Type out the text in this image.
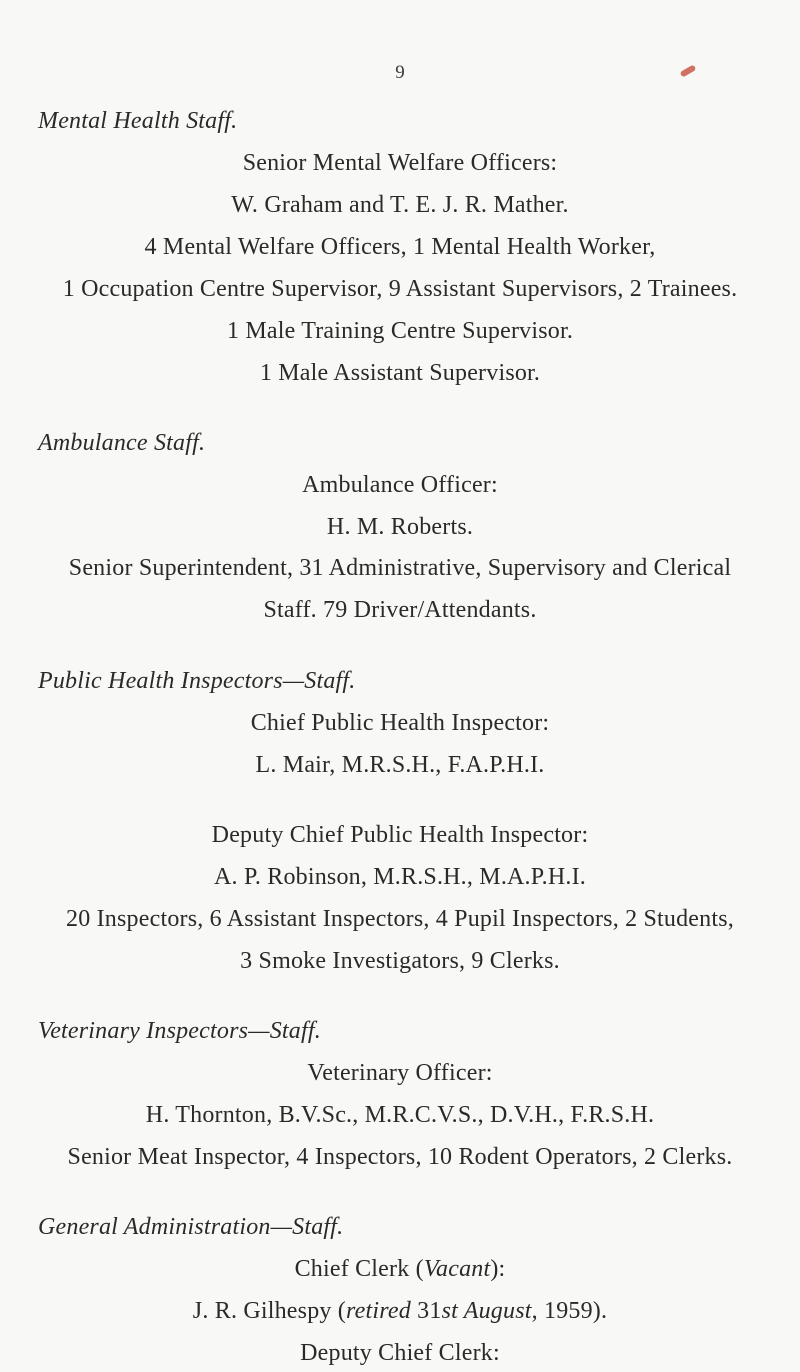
9
Mental Health Staff.
Senior Mental Welfare Officers:
W. Graham and T. E. J. R. Mather.
4 Mental Welfare Officers, 1 Mental Health Worker,
1 Occupation Centre Supervisor, 9 Assistant Supervisors, 2 Trainees.
1 Male Training Centre Supervisor.
1 Male Assistant Supervisor.
Ambulance Staff.
Ambulance Officer:
H. M. Roberts.
Senior Superintendent, 31 Administrative, Supervisory and Clerical
Staff. 79 Driver/Attendants.
Public Health Inspectors—Staff.
Chief Public Health Inspector:
L. Mair, M.R.S.H., F.A.P.H.I.
Deputy Chief Public Health Inspector:
A. P. Robinson, M.R.S.H., M.A.P.H.I.
20 Inspectors, 6 Assistant Inspectors, 4 Pupil Inspectors, 2 Students,
3 Smoke Investigators, 9 Clerks.
Veterinary Inspectors—Staff.
Veterinary Officer:
H. Thornton, B.V.Sc., M.R.C.V.S., D.V.H., F.R.S.H.
Senior Meat Inspector, 4 Inspectors, 10 Rodent Operators, 2 Clerks.
General Administration—Staff.
Chief Clerk (Vacant):
J. R. Gilhespy (retired 31st August, 1959).
Deputy Chief Clerk:
